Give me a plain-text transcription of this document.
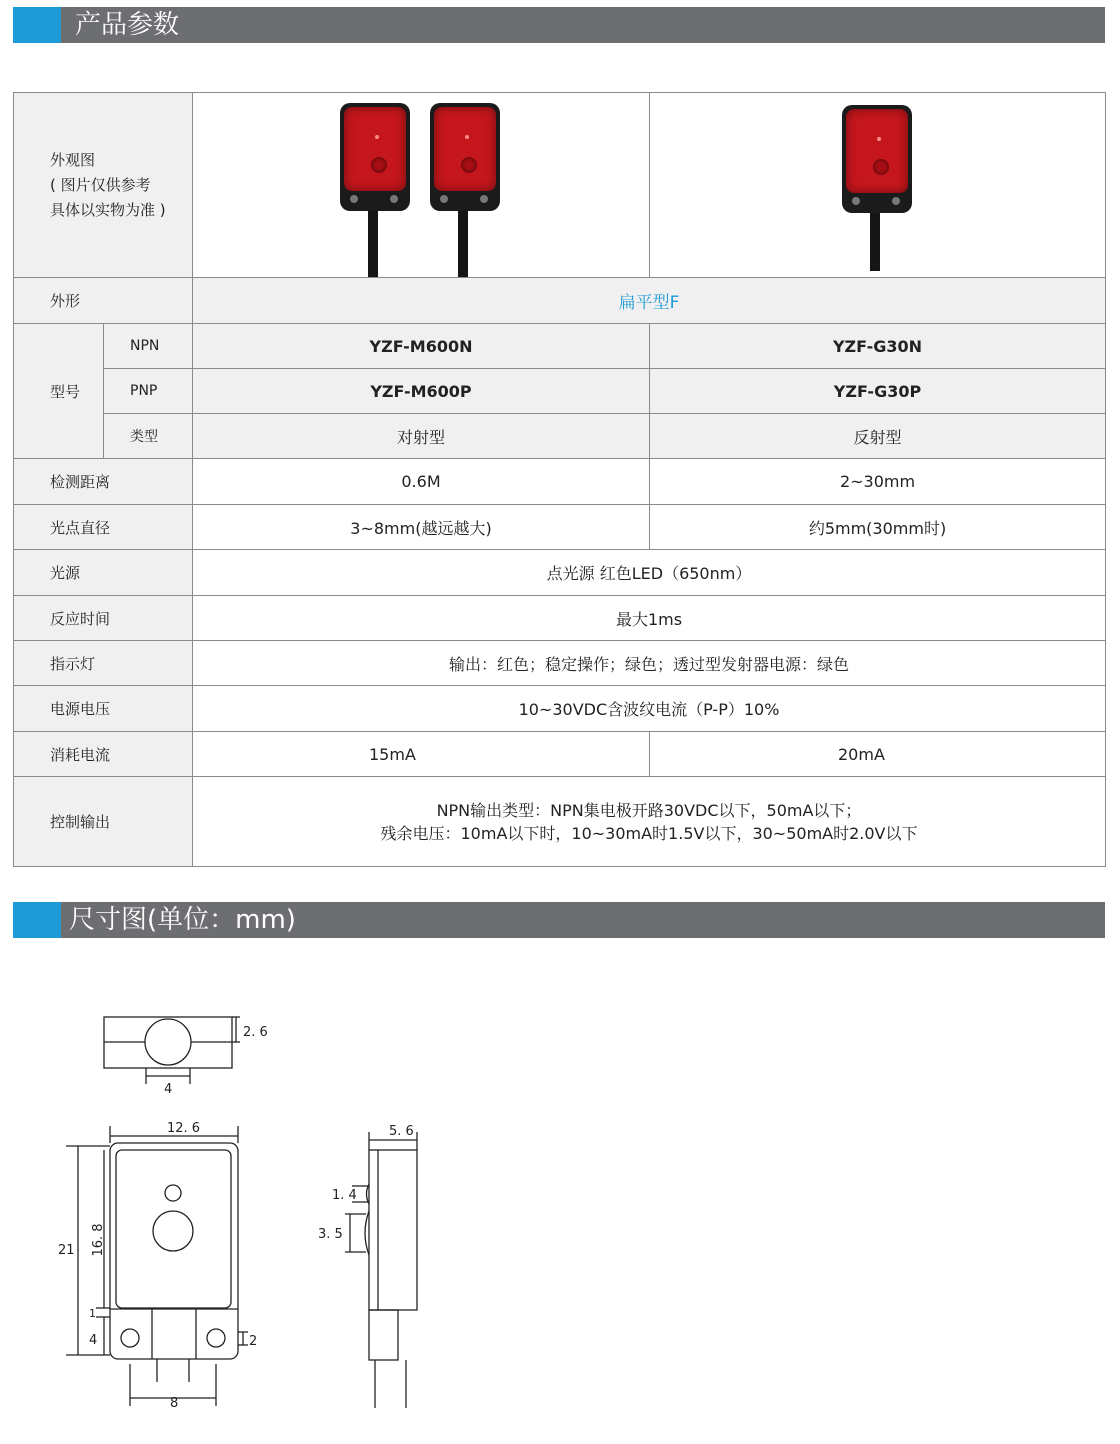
产品参数
外观图
( 图片仅供参考
具体以实物为准 )			

外形		扁平型F	
型号	NPN	YZF-M600N	YZF-G30N
	PNP	YZF-M600P	YZF-G30P
	类型	对射型	反射型
检测距离		0.6M	2~30mm
光点直径		3~8mm(越远越大)	约5mm(30mm时)
光源		点光源 红色LED（650nm）	
反应时间		最大1ms	
指示灯		输出：红色；稳定操作；绿色；透过型发射器电源：绿色	
电源电压		10~30VDC含波纹电流（P-P）10%	
消耗电流		15mA	20mA
控制输出		NPN输出类型：NPN集电极开路30VDC以下，50mA以下；
残余电压：10mA以下时，10~30mA时1.5V以下，30~50mA时2.0V以下	
尺寸图(单位：mm)
2. 6
4
12. 6
21 16. 8
1
4	2
8
5. 6
1. 4
3. 5
